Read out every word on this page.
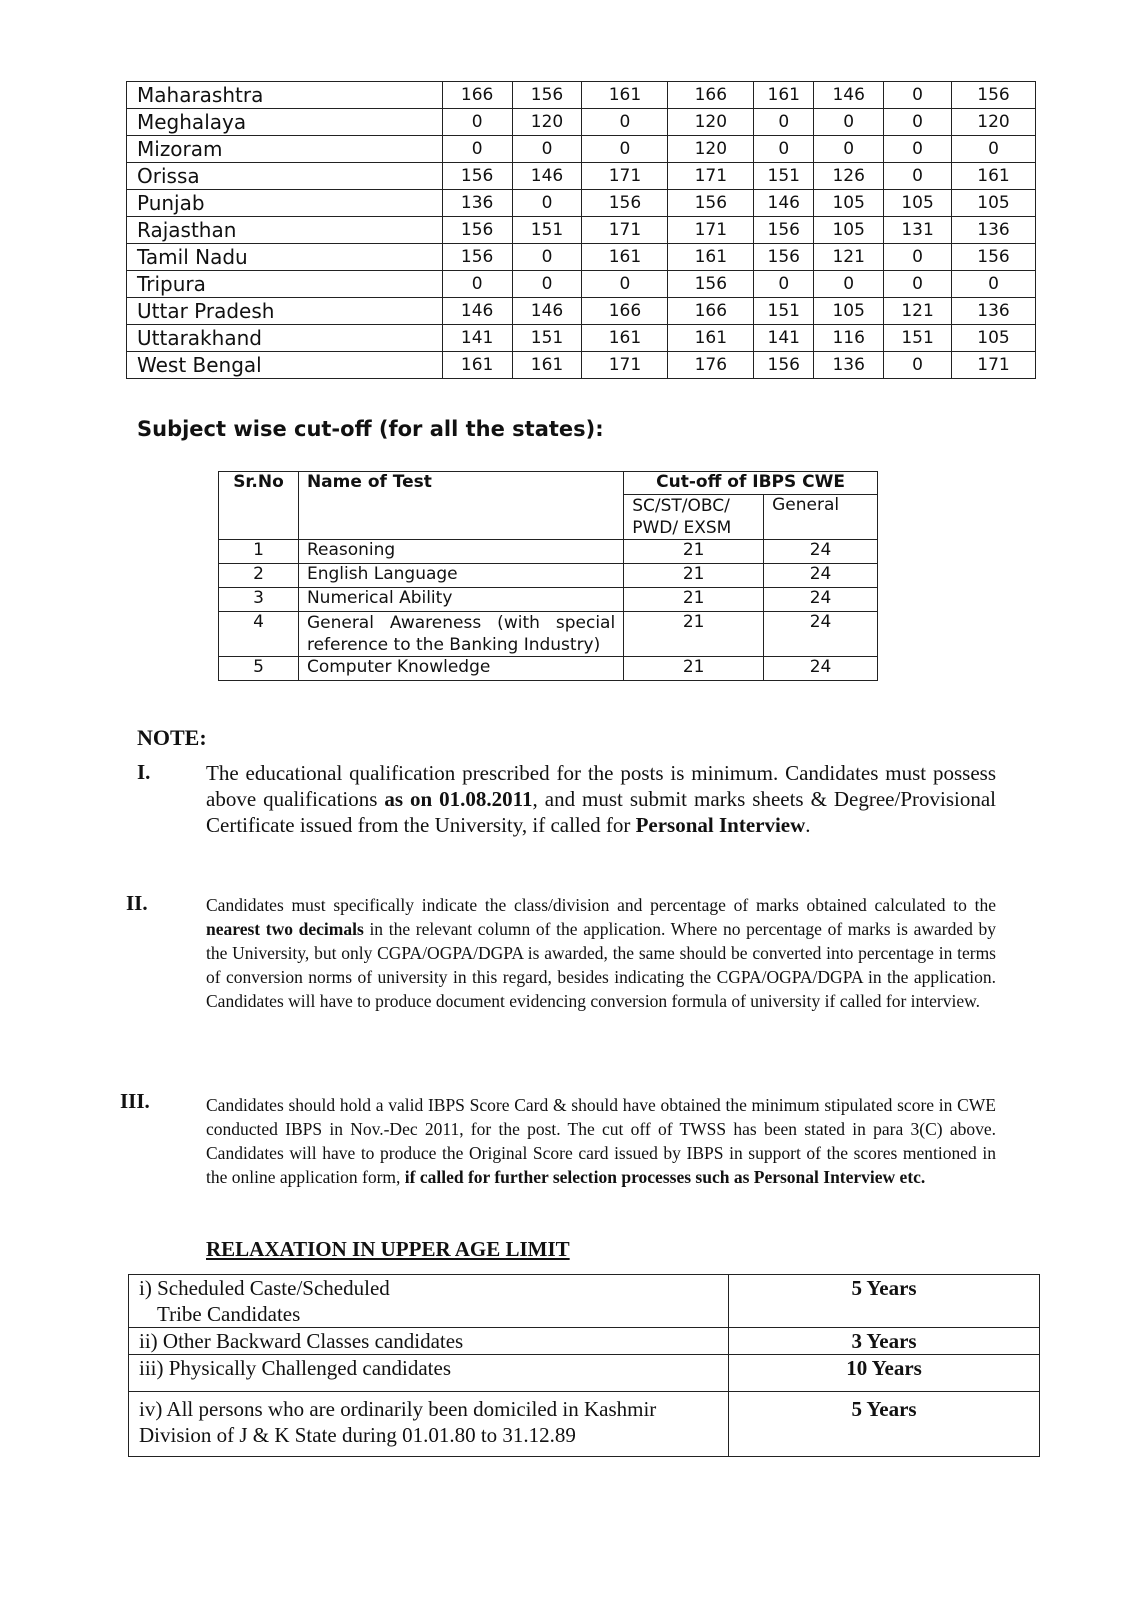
Maharashtra	166	156	161	166	161	146	0	156
Meghalaya	0	120	0	120	0	0	0	120
Mizoram	0	0	0	120	0	0	0	0
Orissa	156	146	171	171	151	126	0	161
Punjab	136	0	156	156	146	105	105	105
Rajasthan	156	151	171	171	156	105	131	136
Tamil Nadu	156	0	161	161	156	121	0	156
Tripura	0	0	0	156	0	0	0	0
Uttar Pradesh	146	146	166	166	151	105	121	136
Uttarakhand	141	151	161	161	141	116	151	105
West Bengal	161	161	171	176	156	136	0	171
Subject wise cut-off (for all the states):
Sr.No	Name of Test	Cut-off of IBPS CWE	
		SC/ST/OBC/ PWD/ EXSM	General
1	Reasoning	21	24
2	English Language	21	24
3	Numerical Ability	21	24
4	General Awareness (with special reference to the Banking Industry)	21	24
5	Computer Knowledge	21	24
NOTE:
I.	The educational qualification prescribed for the posts is minimum. Candidates must possess above qualifications as on 01.08.2011, and must submit marks sheets & Degree/Provisional Certificate issued from the University, if called for Personal Interview.

II.	Candidates must specifically indicate the class/division and percentage of marks obtained calculated to the nearest two decimals in the relevant column of the application. Where no percentage of marks is awarded by the University, but only CGPA/OGPA/DGPA is awarded, the same should be converted into percentage in terms of conversion norms of university in this regard, besides indicating the CGPA/OGPA/DGPA in the application. Candidates will have to produce document evidencing conversion formula of university if called for interview.

III.	Candidates should hold a valid IBPS Score Card & should have obtained the minimum stipulated score in CWE conducted IBPS in Nov.-Dec 2011, for the post. The cut off of TWSS has been stated in para 3(C) above. Candidates will have to produce the Original Score card issued by IBPS in support of the scores mentioned in the online application form, if called for further selection processes such as Personal Interview etc.

RELAXATION IN UPPER AGE LIMIT
i) Scheduled Caste/Scheduled
Tribe Candidates	5 Years
ii) Other Backward Classes candidates	3 Years
iii) Physically Challenged candidates	10 Years
iv) All persons who are ordinarily been domiciled in Kashmir
Division of J & K State during 01.01.80 to 31.12.89	5 Years
